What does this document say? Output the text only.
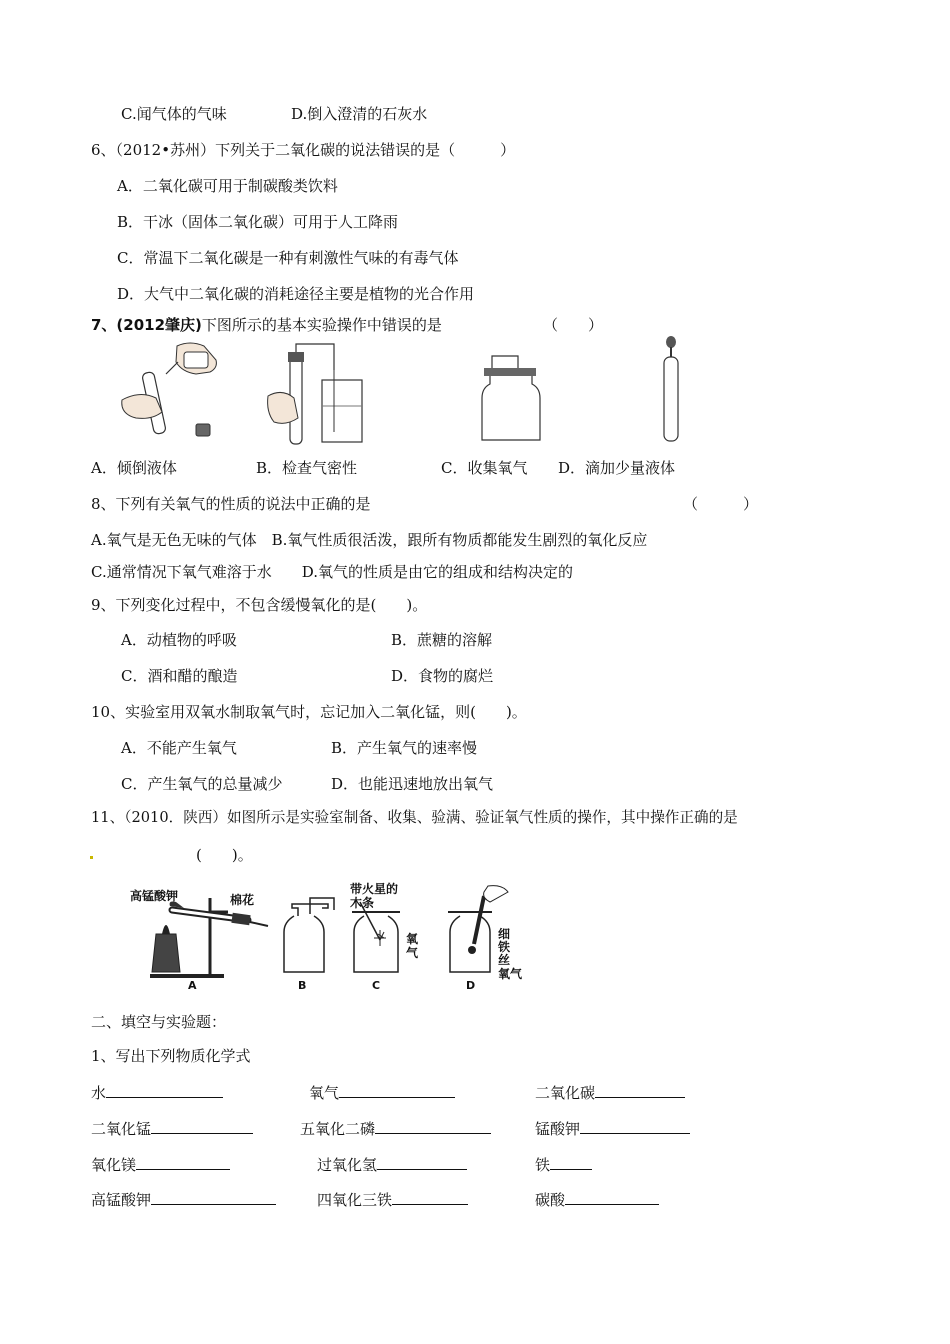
C.闻气体的气味	D.倒入澄清的石灰水
6、（2012•苏州）下列关于二氧化碳的说法错误的是（　　　）
A．二氧化碳可用于制碳酸类饮料
B．干冰（固体二氧化碳）可用于人工降雨
C．常温下二氧化碳是一种有刺激性气味的有毒气体
D．大气中二氧化碳的消耗途径主要是植物的光合作用
7、(2012肇庆)下图所示的基本实验操作中错误的是	（　　）
A．倾倒液体	B．检查气密性	C．收集氧气 D．滴加少量液体
8、下列有关氧气的性质的说法中正确的是	（　　　）
A.氧气是无色无味的气体　B.氧气性质很活泼，跟所有物质都能发生剧烈的氧化反应
C.通常情况下氧气难溶于水　　D.氧气的性质是由它的组成和结构决定的
9、下列变化过程中，不包含缓慢氧化的是(　　)。
A．动植物的呼吸	B．蔗糖的溶解
C．酒和醋的酿造	D．食物的腐烂
10、实验室用双氧水制取氧气时，忘记加入二氧化锰，则(　　)。
A．不能产生氧气	B．产生氧气的速率慢
C．产生氧气的总量减少	D．也能迅速地放出氧气
11、（2010．陕西）如图所示是实验室制备、收集、验满、验证氧气性质的操作，其中操作正确的是
(　　)。
高锰酸钾	棉花
带火星的木条
氧气
细铁丝
氧气
A	B	C	D
二、填空与实验题：
1、写出下列物质化学式
水	氧气	二氧化碳
二氧化锰	五氧化二磷	锰酸钾
氧化镁	过氧化氢	铁
高锰酸钾	四氧化三铁	碳酸
